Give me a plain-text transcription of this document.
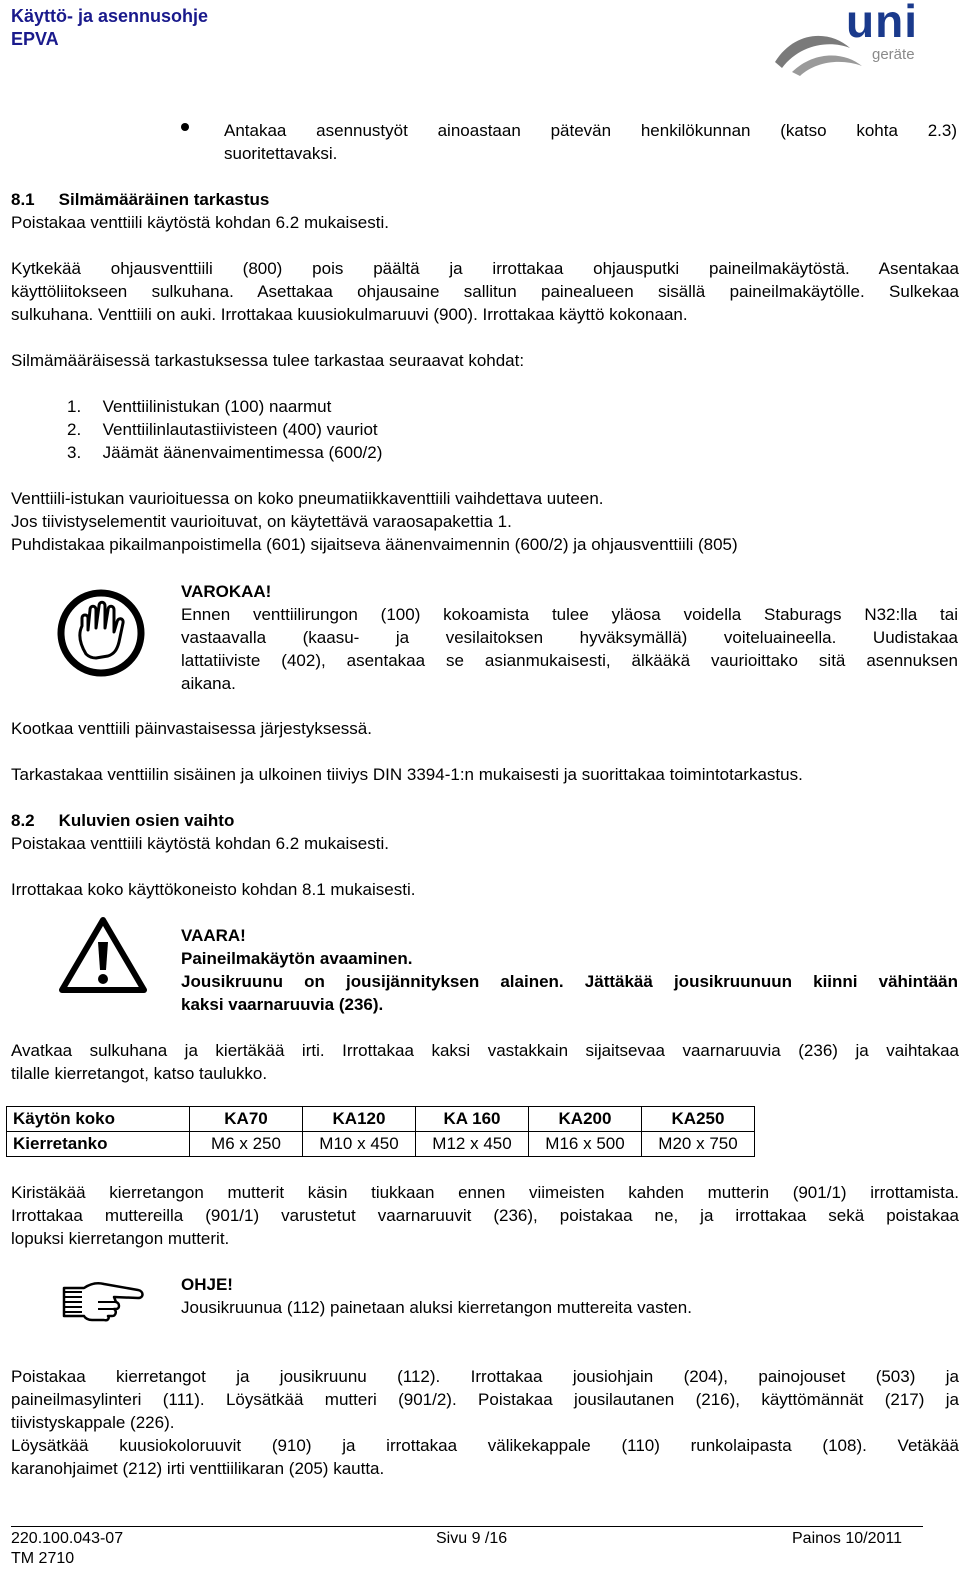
Käyttö- ja asennusohje
EPVA	uni
geräte
Antakaa asennustyöt ainoastaan pätevän henkilökunnan (katso kohta 2.3)
suoritettavaksi.
8.1 Silmämääräinen tarkastus
Poistakaa venttiili käytöstä kohdan 6.2 mukaisesti.
Kytkekää ohjausventtiili (800) pois päältä ja irrottakaa ohjausputki paineilmakäytöstä. Asentakaa
käyttöliitokseen sulkuhana. Asettakaa ohjausaine sallitun painealueen sisällä paineilmakäytölle. Sulkekaa
sulkuhana. Venttiili on auki. Irrottakaa kuusiokulmaruuvi (900). Irrottakaa käyttö kokonaan.
Silmämääräisessä tarkastuksessa tulee tarkastaa seuraavat kohdat:
1. Venttiilinistukan (100) naarmut
2. Venttiilinlautastiivisteen (400) vauriot
3. Jäämät äänenvaimentimessa (600/2)
Venttiili-istukan vaurioituessa on koko pneumatiikkaventtiili vaihdettava uuteen.
Jos tiivistyselementit vaurioituvat, on käytettävä varaosapakettia 1.
Puhdistakaa pikailmanpoistimella (601) sijaitseva äänenvaimennin (600/2) ja ohjausventtiili (805)
VAROKAA!
Ennen venttiilirungon (100) kokoamista tulee yläosa voidella Staburags N32:lla tai
vastaavalla (kaasu- ja vesilaitoksen hyväksymällä) voiteluaineella. Uudistakaa
lattatiiviste (402), asentakaa se asianmukaisesti, älkääkä vaurioittako sitä asennuksen
aikana.
Kootkaa venttiili päinvastaisessa järjestyksessä.
Tarkastakaa venttiilin sisäinen ja ulkoinen tiiviys DIN 3394-1:n mukaisesti ja suorittakaa toimintotarkastus.
8.2 Kuluvien osien vaihto
Poistakaa venttiili käytöstä kohdan 6.2 mukaisesti.
Irrottakaa koko käyttökoneisto kohdan 8.1 mukaisesti.
VAARA!
Paineilmakäytön avaaminen.
Jousikruunu on jousijännityksen alainen. Jättäkää jousikruunuun kiinni vähintään
kaksi vaarnaruuvia (236).
Avatkaa sulkuhana ja kiertäkää irti. Irrottakaa kaksi vastakkain sijaitsevaa vaarnaruuvia (236) ja vaihtakaa
tilalle kierretangot, katso taulukko.
Käytön koko	KA70	KA120	KA 160	KA200	KA250
Kierretanko	M6 x 250	M10 x 450	M12 x 450	M16 x 500	M20 x 750
Kiristäkää kierretangon mutterit käsin tiukkaan ennen viimeisten kahden mutterin (901/1) irrottamista.
Irrottakaa muttereilla (901/1) varustetut vaarnaruuvit (236), poistakaa ne, ja irrottakaa sekä poistakaa
lopuksi kierretangon mutterit.
OHJE!
Jousikruunua (112) painetaan aluksi kierretangon muttereita vasten.
Poistakaa kierretangot ja jousikruunu (112). Irrottakaa jousiohjain (204), painojouset (503) ja
paineilmasylinteri (111). Löysätkää mutteri (901/2). Poistakaa jousilautanen (216), käyttömännät (217) ja
tiivistyskappale (226).
Löysätkää kuusiokoloruuvit (910) ja irrottakaa välikekappale (110) runkolaipasta (108). Vetäkää
karanohjaimet (212) irti venttiilikaran (205) kautta.
220.100.043-07
TM 2710
Sivu 9 /16	Painos 10/2011
